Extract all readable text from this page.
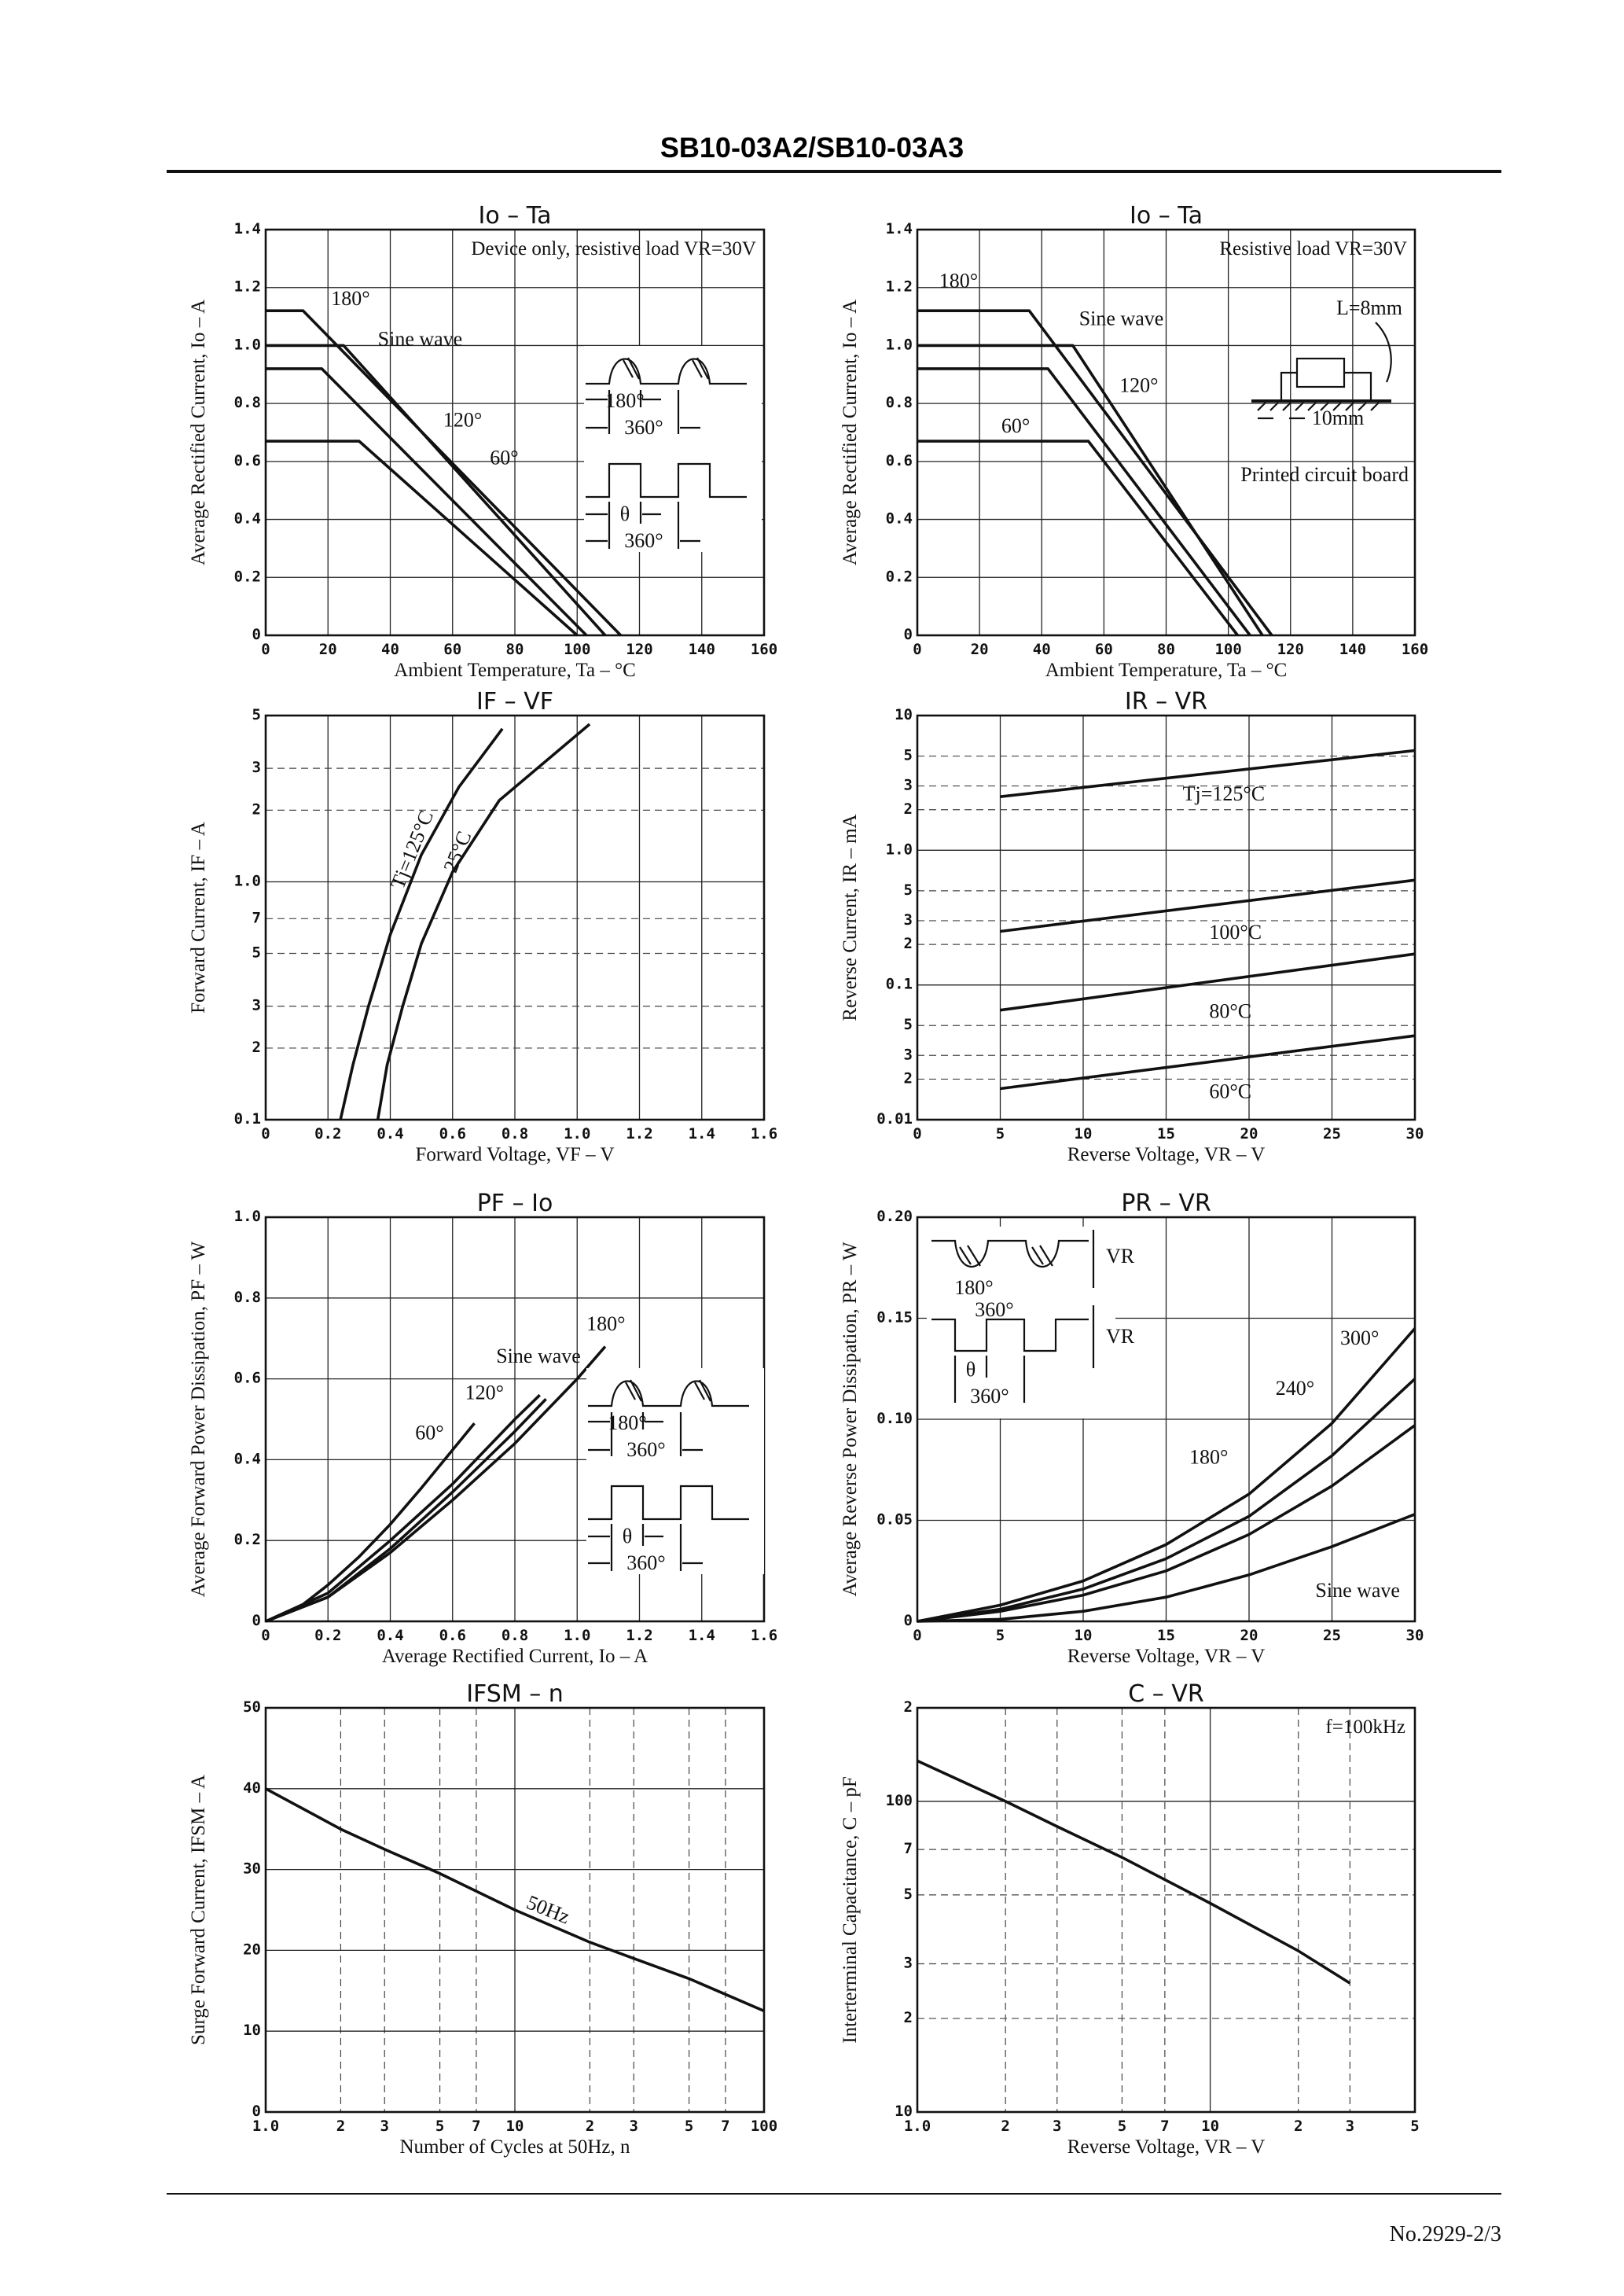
SB10-03A2/SB10-03A3
No.2929-2/3
0	20	40	60	80	100 120 140 160
0
0.2
0.4
0.6
0.8
1.0
1.2
1.4	Io – Ta
Ambient Temperature, Ta – °C
Average Rectified Current, Io – A
Device only, resistive load VR=30V
180°
Sine wave
120°
60°
180°
360°
θ
360°
0	20	40	60	80	100 120 140 160
0
0.2
0.4
0.6
0.8
1.0
1.2
1.4	Io – Ta
Ambient Temperature, Ta – °C
Average Rectified Current, Io – A
Resistive load VR=30V
180°
Sine wave
120°
60°
L=8mm
10mm
Printed circuit board
0	0.2 0.4 0.6 0.8 1.0 1.2 1.4 1.6
0.1
2
3
5
7
1.0
2
3
5	IF – VF
Forward Voltage, VF – V
Forward Current, IF – A	Tj=125°C 25°C
0	5	10	15	20	25	30
0.01
2
3
5
0.1
2
3
5
1.0
2
3
5
10	IR – VR
Reverse Voltage, VR – V
Reverse Current, IR – mA
Tj=125°C
100°C
80°C
60°C
0	0.2 0.4 0.6 0.8 1.0 1.2 1.4 1.6
0
0.2
0.4
0.6
0.8
1.0	PF – Io
Average Rectified Current, Io – A
Average Forward Power Dissipation, PF – W	180°
Sine wave
120°
60°	180°
360°
θ
360°
0	5	10	15	20	25	30
0
0.05
0.10
0.15
0.20	PR – VR
Reverse Voltage, VR – V
Average Reverse Power Dissipation, PR – W	300°
240°
180°
Sine wave
VR
180°
360°
VR
θ
360°
1.0	2 3	5 7 10	2 3	5 7 100
0
10
20
30
40
50	IFSM – n
Number of Cycles at 50Hz, n
Surge Forward Current, IFSM – A	50Hz
1.0	2	3	5 7 10	2	3	5
10
2
3
5
7
100
2	C – VR
Reverse Voltage, VR – V
Interterminal Capacitance, C – pF
f=100kHz
